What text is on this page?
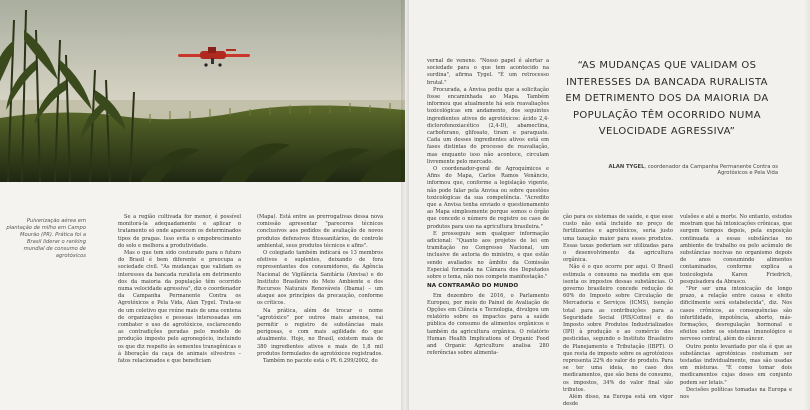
Pulverização aérea em plantação de milho em Campo Mourão (PR). Prática foi a Brasil liderar o ranking mundial de consumo de agrotóxicos

Se a região cultivada for menor, é possível monitorá-la adequadamente e aplicar o tratamento só onde aparecem os determinados tipos de pragas. Isso evita o empobrecimento do solo e melhora a produtividade.

Mas o que tem sido costurado para o futuro do Brasil é bem diferente e preocupa a sociedade civil. "As mudanças que validam os interesses da bancada ruralista em detrimento dos da maioria da população têm ocorrido numa velocidade agressiva", diz o coordenador da Campanha Permanente Contra os Agrotóxicos e Pela Vida, Alan Tygel. Trata-se de um coletivo que reúne mais de uma centena de organizações e pessoas interessadas em combater o uso de agrotóxicos, esclarecendo as contradições geradas pelo modelo de produção imposto pelo agronegócio, incluindo os que diz respeito às sementes transgênicas e à liberação da caça de animais silvestres – fatos relacionados e que beneficiam

(Mapa). Está entre as prerrogativas dessa nova comissão apresentar "pareceres técnicos conclusivos aos pedidos de avaliação de novos produtos defensivos fitossanitários, de controle ambiental, seus produtos técnicos e afins".

O colegiado também indicará os 13 membros efetivos e suplentes, deixando de fora representantes dos consumidores, da Agência Nacional de Vigilância Sanitária (Anvisa) e do Instituto Brasileiro do Meio Ambiente e dos Recursos Naturais Renováveis (Ibama) – um ataque aos princípios da precaução, conforme os críticos.

Na prática, além de trocar o nome "agrotóxico" por outros mais amenos, vai permitir o registro de substâncias mais perigosas, e com mais agilidade do que atualmente. Hoje, no Brasil, existem mais de 380 ingredientes ativos e mais de 1,8 mil produtos formulados de agrotóxicos registrados.

Também no pacote está o PL 6.299/2002, do

vernal de veneno. "Nosso papel é alertar a sociedade para o que tem acontecido na surdina", afirma Tygel. "É um retrocesso brutal."

Procurada, a Anvisa pediu que a solicitação fosse encaminhada ao Mapa. Também informou que atualmente há seis reavaliações toxicológicas em andamento, dos seguintes ingredientes ativos de agrotóxicos: ácido 2,4-diclorofenoxiacético (2,4-D), abamectina, carbofurano, glifosato, tiram e paraquate. Cada um desses ingredientes ativos está em fases distintas do processo de reavaliação, mas enquanto isso não acontece, circulam livremente pelo mercado.

O coordenador-geral de Agroquímicos e Afins do Mapa, Carlos Ramos Venâncio, informou que, conforme a legislação vigente, não pode falar pela Anvisa ou sobre questões toxicológicas da sua competência. "Acredito que a Anvisa tenha enviado o questionamento ao Mapa simplesmente porque somos o órgão que concede o número de registro ou caso de produtos para uso na agricultura brasileira."

E prosseguiu sem qualquer informação adicional: "Quanto aos projetos de lei em tramitação no Congresso Nacional, um inclusive de autoria do ministro, e que estão sendo avaliados no âmbito da Comissão Especial formada na Câmara dos Deputados sobre o tema, não nos compete manifestação."

NA CONTRAMÃO DO MUNDO

Em dezembro de 2016, o Parlamento Europeu, por meio do Painel de Avaliação de Opções em Ciência e Tecnologia, divulgou um relatório sobre os impactos para a saúde pública do consumo de alimentos orgânicos e também da agricultura orgânica. O relatório Human Health Implications of Organic Food and Organic Agriculture analisa 280 referências sobre alimenta-

“AS MUDANÇAS QUE VALIDAM OS INTERESSES DA BANCADA RURALISTA EM DETRIMENTO DOS DA MAIORIA DA POPULAÇÃO TÊM OCORRIDO NUMA VELOCIDADE AGRESSIVA”
ALAN TYGEL, coordenador da Campanha Permanente Contra os Agrotóxicos e Pela Vida

ção para os sistemas de saúde, e que esse custo não está incluído no preço de fertilizantes e agrotóxicos, seria justo uma taxação maior para esses produtos. Essas taxas poderiam ser utilizadas para o desenvolvimento da agricultura orgânica.

Não é o que ocorre por aqui. O Brasil estimula o consumo na medida em que isenta os impostos dessas substâncias. O governo brasileiro concede redução de 60% do Imposto sobre Circulação de Mercadoria e Serviços (ICMS), isenção total para as contribuições para a Seguridade Social (PIS/Cofins) e do Imposto sobre Produtos Industrializados (IPI) à produção e ao comércio dos pesticidas, segundo o Instituto Brasileiro de Planejamento e Tributação (IBPT). O que resta de imposto sobre os agrotóxicos representa 22% do valor do produto. Para se ter uma ideia, no caso dos medicamentos, que são bens de consumo, os impostos, 34% do valor final são tributos.

Além disso, na Europa está em vigor desde

vulsões e até a morte. No entanto, estudos mostram que há intoxicações crônicas, que surgem tempos depois, pela exposição continuada a essas substâncias no ambiente de trabalho ou pelo acúmulo de substâncias nocivas no organismo depois de anos consumindo alimentos contaminados, conforme explica a toxicologista Karen Friedrich, pesquisadora da Abrasco.

"Por ser uma intoxicação de longo prazo, a relação entre causa e efeito dificilmente será estabelecida", diz. Nos casos crônicos, as consequências são infertilidade, impotência, aborto, más-formações, desregulação hormonal e efeitos sobre os sistemas imunológico e nervoso central, além do câncer.

Outro ponto levantado por ela é que as substâncias agrotóxicas costumam ser testadas individualmente, mas são usadas em misturas. "É como tomar dois medicamentos cujas doses em conjunto podem ser letais."

Decisões políticas tomadas na Europa e nos
